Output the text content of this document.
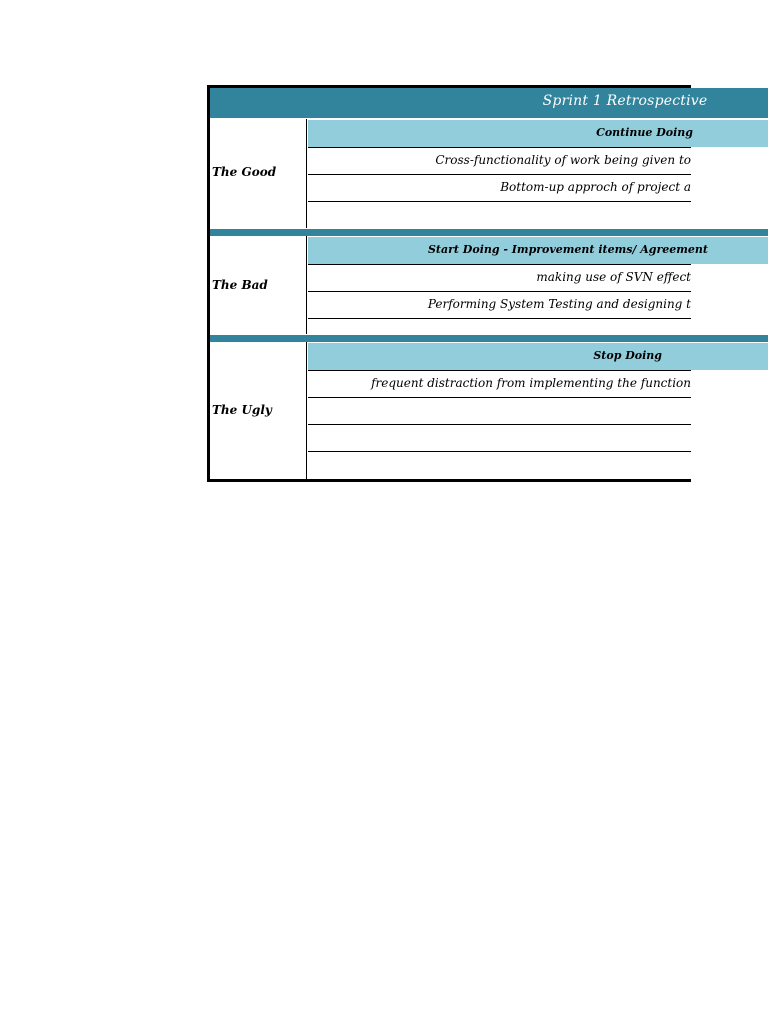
Sprint 1 Retrospective
The Good
Continue Doing
Cross-functionality of work being given to
Bottom-up approch of project a
The Bad
Start Doing - Improvement items/ Agreement
making use of SVN effect
Performing System Testing and designing t
The Ugly
Stop Doing
frequent distraction from implementing the function
